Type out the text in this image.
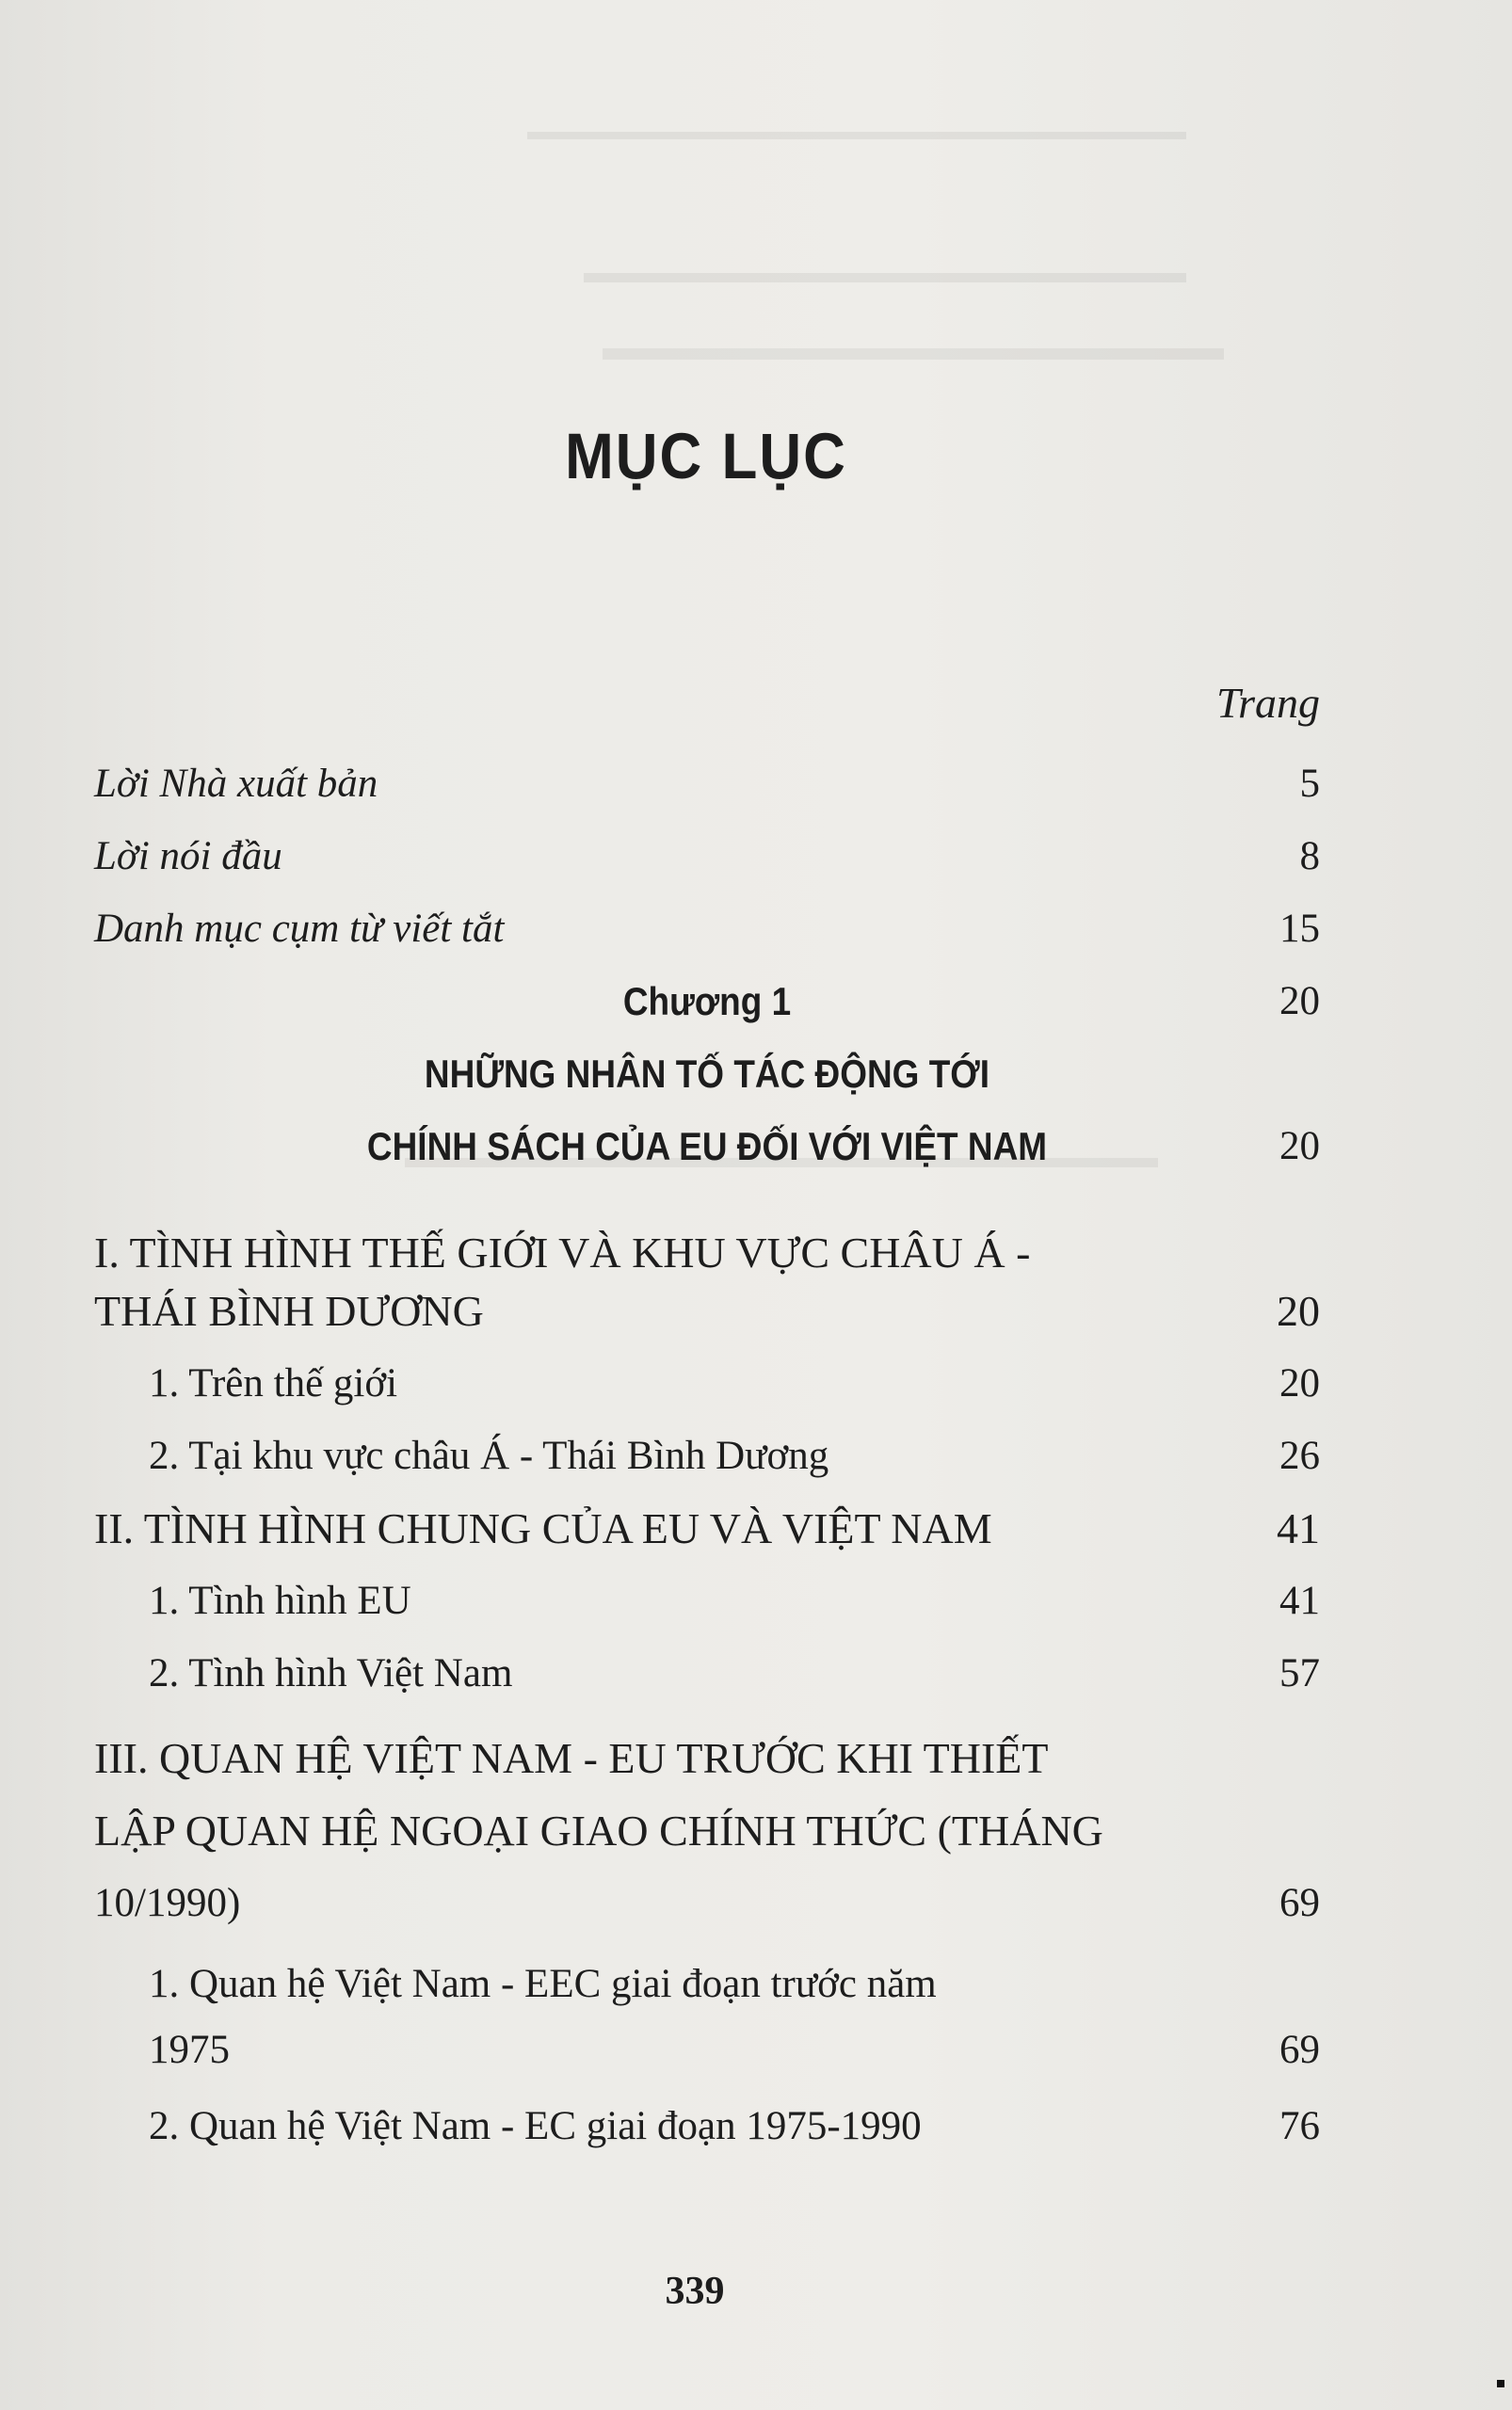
MỤC LỤC
Trang
Lời Nhà xuất bản	5
Lời nói đầu	8
Danh mục cụm từ viết tắt	15
Chương 1	20
NHỮNG NHÂN TỐ TÁC ĐỘNG TỚI
CHÍNH SÁCH CỦA EU ĐỐI VỚI VIỆT NAM	20
I. TÌNH HÌNH THẾ GIỚI VÀ KHU VỰC CHÂU Á -
THÁI BÌNH DƯƠNG	20
1. Trên thế giới	20
2. Tại khu vực châu Á - Thái Bình Dương	26
II. TÌNH HÌNH CHUNG CỦA EU VÀ VIỆT NAM	41
1. Tình hình EU	41
2. Tình hình Việt Nam	57
III. QUAN HỆ VIỆT NAM - EU TRƯỚC KHI THIẾT
LẬP QUAN HỆ NGOẠI GIAO CHÍNH THỨC (THÁNG
10/1990)	69
1. Quan hệ Việt Nam - EEC giai đoạn trước năm
1975	69
2. Quan hệ Việt Nam - EC giai đoạn 1975-1990	76
339
